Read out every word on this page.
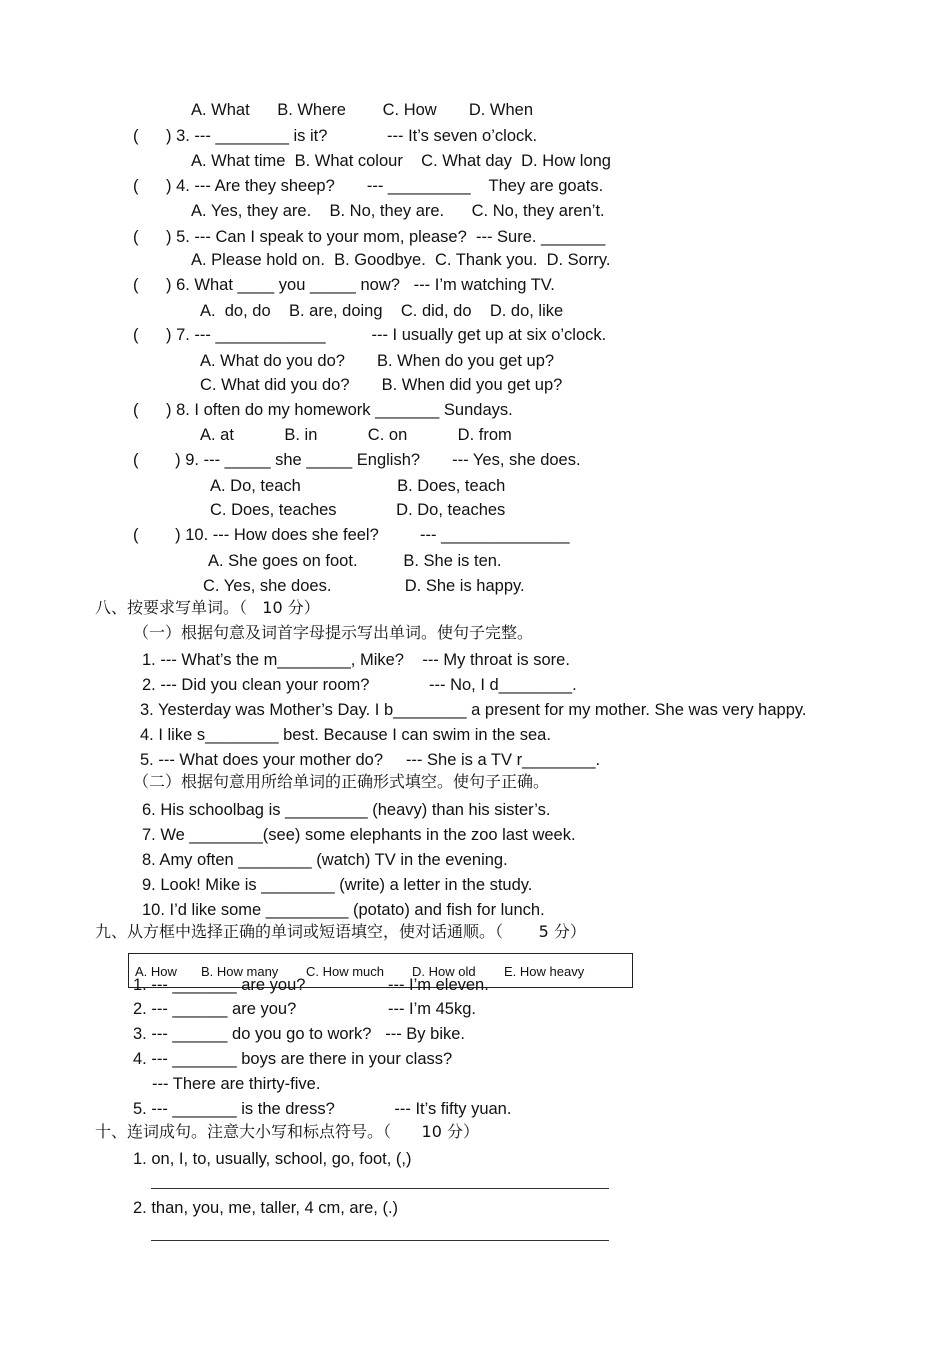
A. What      B. Where        C. How       D. When
(      ) 3. --- ________ is it?             --- It’s seven o’clock.
A. What time  B. What colour    C. What day  D. How long
(      ) 4. --- Are they sheep?       --- _________    They are goats.
A. Yes, they are.    B. No, they are.      C. No, they aren’t.
(      ) 5. --- Can I speak to your mom, please?  --- Sure. _______
A. Please hold on.  B. Goodbye.  C. Thank you.  D. Sorry.
(      ) 6. What ____ you _____ now?   --- I’m watching TV.
A.  do, do    B. are, doing    C. did, do    D. do, like
(      ) 7. --- ____________          --- I usually get up at six o’clock.
A. What do you do?       B. When do you get up?
C. What did you do?       B. When did you get up?
(      ) 8. I often do my homework _______ Sundays.
A. at           B. in           C. on           D. from
(        ) 9. --- _____ she _____ English?       --- Yes, she does.
A. Do, teach                     B. Does, teach
C. Does, teaches             D. Do, teaches
(        ) 10. --- How does she feel?         --- ______________
A. She goes on foot.          B. She is ten.
C. Yes, she does.                D. She is happy.
八、按要求写单词。（   10 分）
（一）根据句意及词首字母提示写出单词。使句子完整。
1. --- What’s the m________, Mike?    --- My throat is sore.
2. --- Did you clean your room?             --- No, I d________.
3. Yesterday was Mother’s Day. I b________ a present for my mother. She was very happy.
4. I like s________ best. Because I can swim in the sea.
5. --- What does your mother do?     --- She is a TV r________.
（二）根据句意用所给单词的正确形式填空。使句子正确。
6. His schoolbag is _________ (heavy) than his sister’s.
7. We ________(see) some elephants in the zoo last week.
8. Amy often ________ (watch) TV in the evening.
9. Look! Mike is ________ (write) a letter in the study.
10. I’d like some _________ (potato) and fish for lunch.
九、从方框中选择正确的单词或短语填空，使对话通顺。（       5 分）
A. How B. How many C. How much D. How old E. How heavy
1. --- _______ are you?                  --- I’m eleven.
2. --- ______ are you?                    --- I’m 45kg.
3. --- ______ do you go to work?   --- By bike.
4. --- _______ boys are there in your class?
--- There are thirty-five.
5. --- _______ is the dress?             --- It’s fifty yuan.
十、连词成句。注意大小写和标点符号。（      10 分）
1. on, I, to, usually, school, go, foot, (,)
2. than, you, me, taller, 4 cm, are, (.)
